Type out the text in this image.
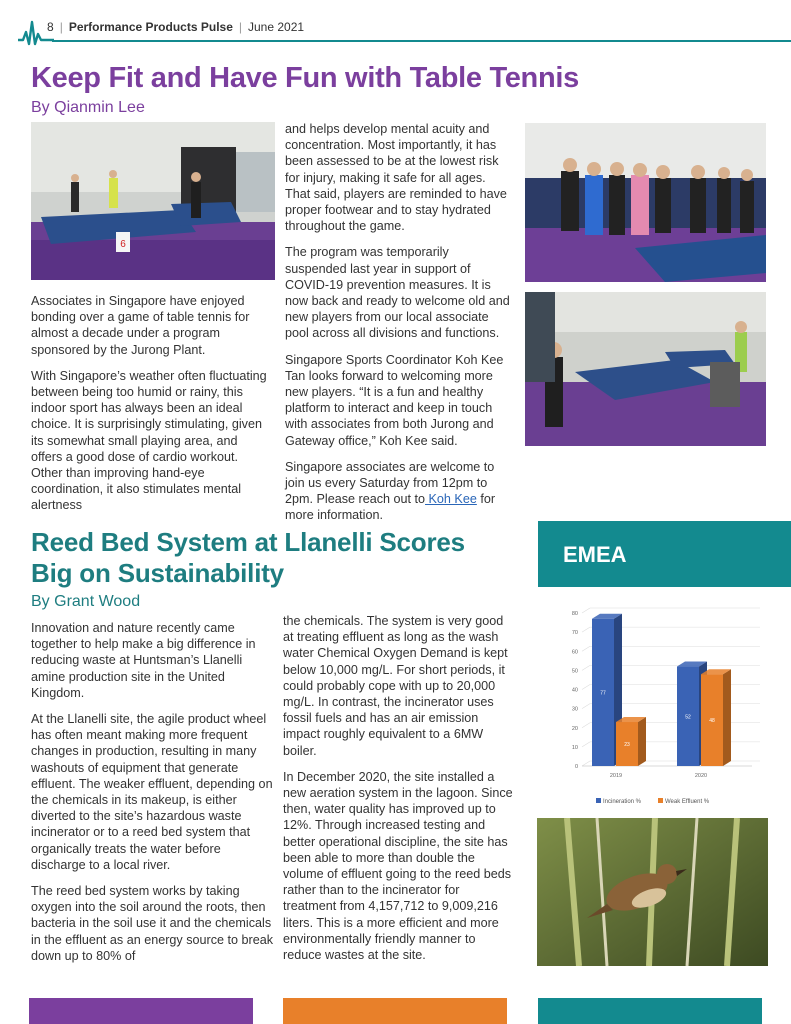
8 | Performance Products Pulse | June 2021
Keep Fit and Have Fun with Table Tennis
By Qianmin Lee
6

Associates in Singapore have enjoyed bonding over a game of table tennis for almost a decade under a program sponsored by the Jurong Plant.

With Singapore’s weather often fluctuating between being too humid or rainy, this indoor sport has always been an ideal choice. It is surprisingly stimulating, given its somewhat small playing area, and offers a good dose of cardio workout. Other than improving hand-eye coordination, it also stimulates mental alertness

and helps develop mental acuity and concentration. Most importantly, it has been assessed to be at the lowest risk for injury, making it safe for all ages. That said, players are reminded to have proper footwear and to stay hydrated throughout the game.

The program was temporarily suspended last year in support of COVID-19 prevention measures. It is now back and ready to welcome old and new players from our local associate pool across all divisions and functions.

Singapore Sports Coordinator Koh Kee Tan looks forward to welcoming more new players. “It is a fun and healthy platform to interact and keep in touch with associates from both Jurong and Gateway office,” Koh Kee said.

Singapore associates are welcome to join us every Saturday from 12pm to 2pm. Please reach out to Koh Kee for more information.

Reed Bed System at Llanelli Scores Big on Sustainability
By Grant Wood

Innovation and nature recently came together to help make a big difference in reducing waste at Huntsman’s Llanelli amine production site in the United Kingdom.

At the Llanelli site, the agile product wheel has often meant making more frequent changes in production, resulting in many washouts of equipment that generate effluent. The weaker effluent, depending on the chemicals in its makeup, is either diverted to the site’s hazardous waste incinerator or to a reed bed system that organically treats the water before discharge to a local river.

The reed bed system works by taking oxygen into the soil around the roots, then bacteria in the soil use it and the chemicals in the effluent as an energy source to break down up to 80% of

the chemicals. The system is very good at treating effluent as long as the wash water Chemical Oxygen Demand is kept below 10,000 mg/L. For short periods, it could probably cope with up to 20,000 mg/L. In contrast, the incinerator uses fossil fuels and has an air emission impact roughly equivalent to a 6MW boiler.

In December 2020, the site installed a new aeration system in the lagoon. Since then, water quality has improved up to 12%. Through increased testing and better operational discipline, the site has been able to more than double the volume of effluent going to the reed beds rather than to the incinerator for treatment from 4,157,712 to 9,009,216 liters. This is a more efficient and more environmentally friendly manner to reduce wastes at the site.

EMEA
0
10
20
30
40
50
60
70
80
77
23
2019
52
48
2020
Incineration %	Weak Effluent %
